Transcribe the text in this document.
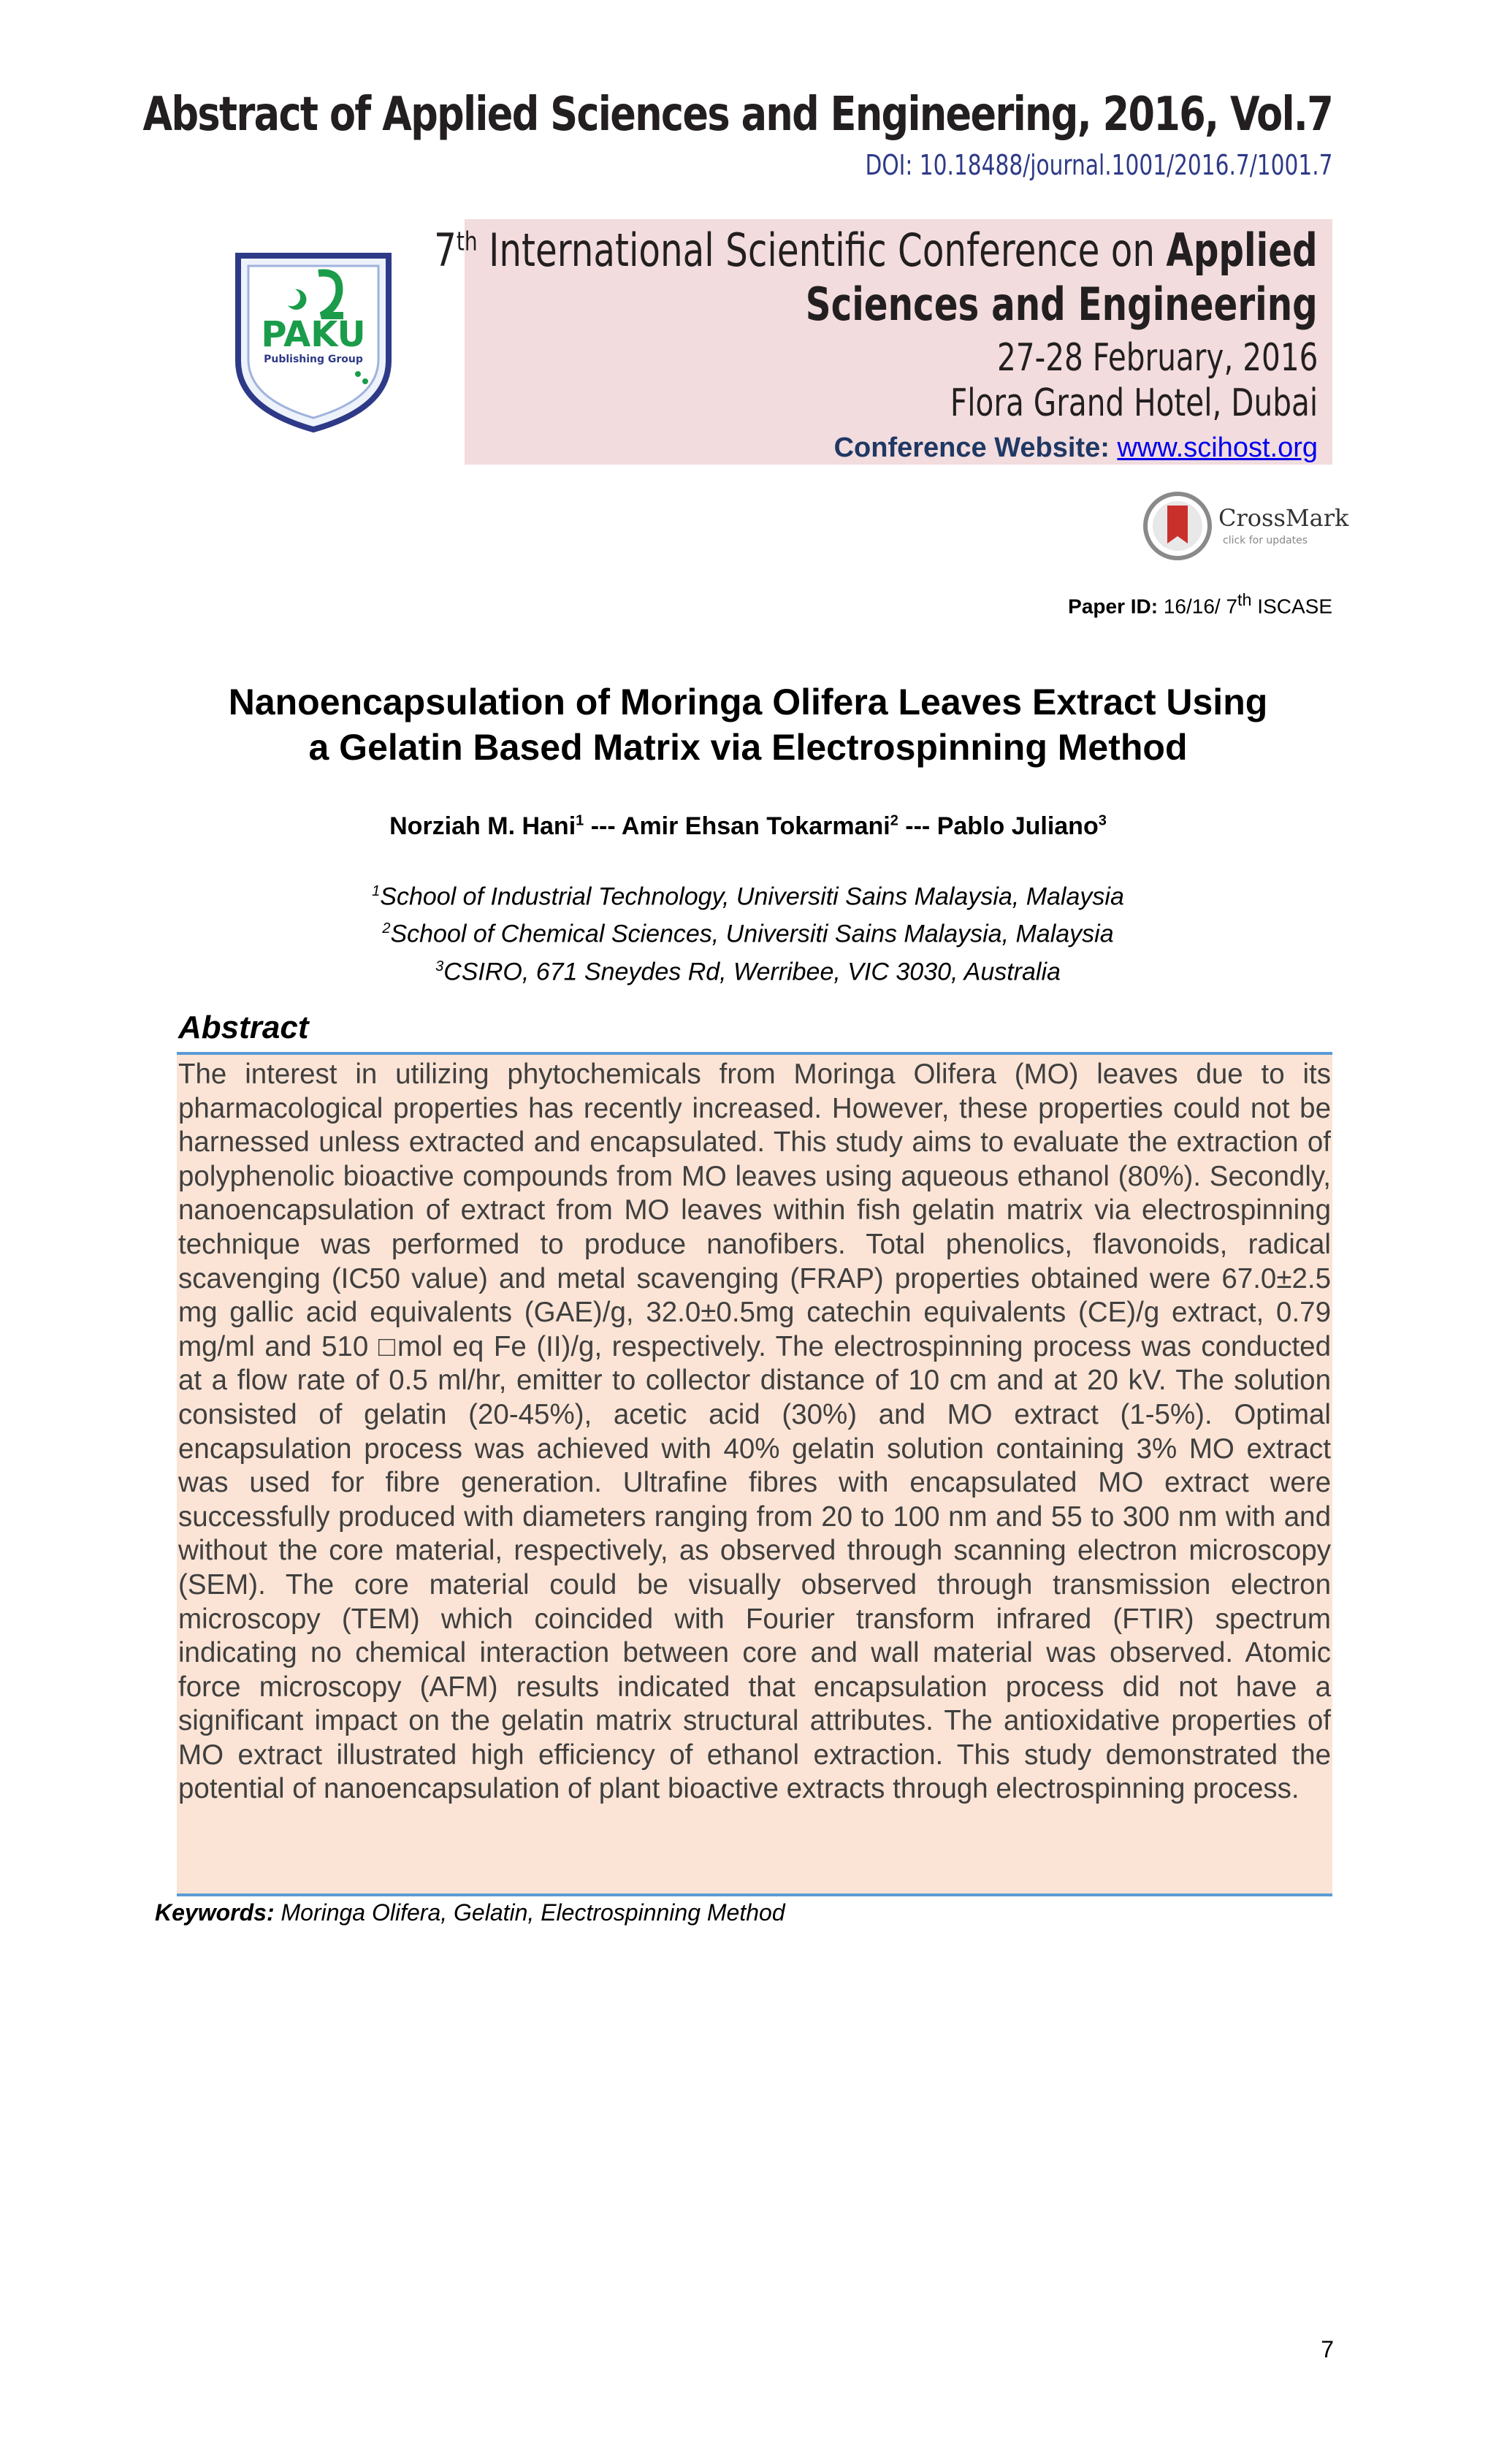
Abstract of Applied Sciences and Engineering, 2016, Vol.7
DOI: 10.18488/journal.1001/2016.7/1001.7
PAKU
Publishing Group
7th International Scientific Conference on Applied
Sciences and Engineering
27-28 February, 2016
Flora Grand Hotel, Dubai
Conference Website: www.scihost.org
CrossMark
click for updates
Paper ID: 16/16/ 7th ISCASE
Nanoencapsulation of Moringa Olifera Leaves Extract Using
a Gelatin Based Matrix via Electrospinning Method
Norziah M. Hani$^1$ --- Amir Ehsan Tokarmani$^2$ --- Pablo Juliano$^3$
$^1$School of Industrial Technology, Universiti Sains Malaysia, Malaysia
$^2$School of Chemical Sciences, Universiti Sains Malaysia, Malaysia
$^3$CSIRO, 671 Sneydes Rd, Werribee, VIC 3030, Australia
Abstract

The interest in utilizing phytochemicals from Moringa Olifera (MO) leaves due to its pharmacological properties has recently increased. However, these properties could not be harnessed unless extracted and encapsulated. This study aims to evaluate the extraction of polyphenolic bioactive compounds from MO leaves using aqueous ethanol (80%). Secondly, nanoencapsulation of extract from MO leaves within fish gelatin matrix via electrospinning technique was performed to produce nanofibers. Total phenolics, flavonoids, radical scavenging (IC50 value) and metal scavenging (FRAP) properties obtained were 67.0±2.5 mg gallic acid equivalents (GAE)/g, 32.0±0.5mg catechin equivalents (CE)/g extract, 0.79 mg/ml and 510 □mol eq Fe (II)/g, respectively. The electrospinning process was conducted at a flow rate of 0.5 ml/hr, emitter to collector distance of 10 cm and at 20 kV. The solution consisted of gelatin (20-45%), acetic acid (30%) and MO extract (1-5%). Optimal encapsulation process was achieved with 40% gelatin solution containing 3% MO extract was used for fibre generation. Ultrafine fibres with encapsulated MO extract were successfully produced with diameters ranging from 20 to 100 nm and 55 to 300 nm with and without the core material, respectively, as observed through scanning electron microscopy (SEM). The core material could be visually observed through transmission electron microscopy (TEM) which coincided with Fourier transform infrared (FTIR) spectrum indicating no chemical interaction between core and wall material was observed. Atomic force microscopy (AFM) results indicated that encapsulation process did not have a significant impact on the gelatin matrix structural attributes. The antioxidative properties of MO extract illustrated high efficiency of ethanol extraction. This study demonstrated the potential of nanoencapsulation of plant bioactive extracts through electrospinning process.

Keywords: Moringa Olifera, Gelatin, Electrospinning Method
7
